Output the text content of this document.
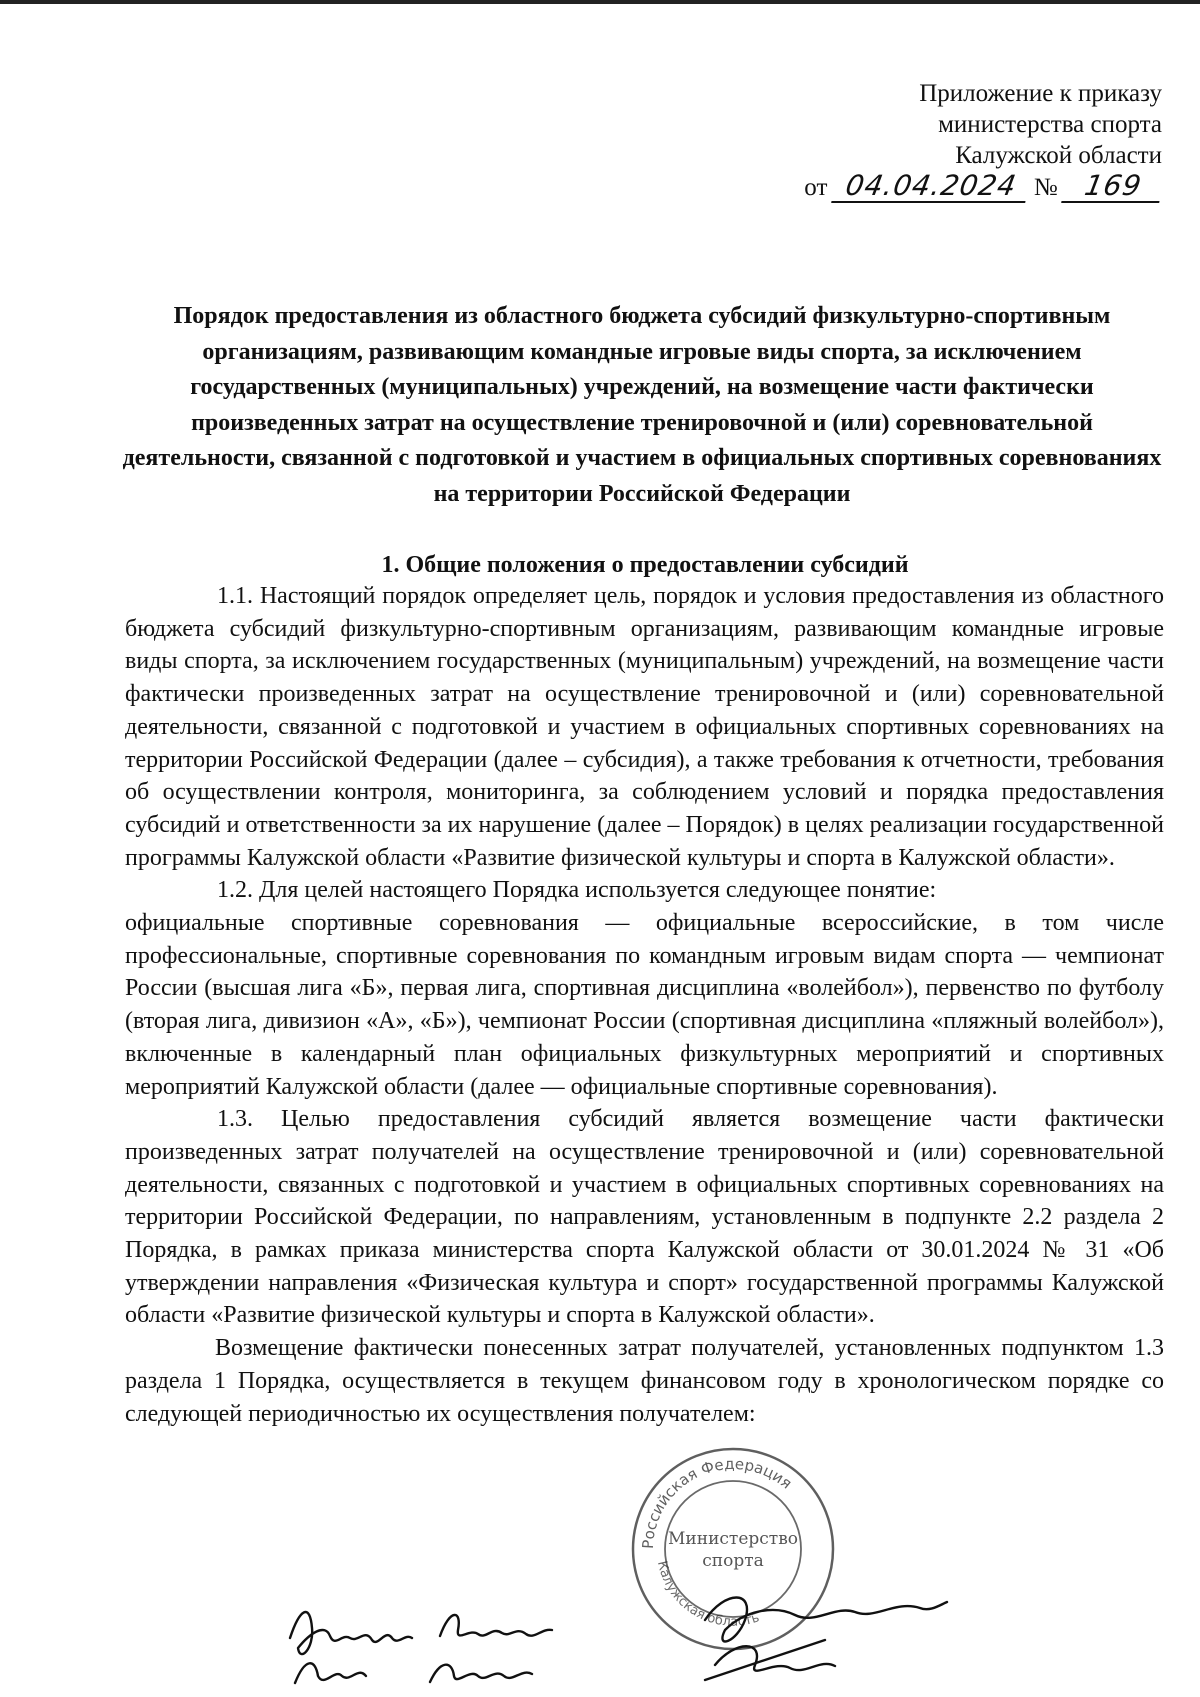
Приложение к приказу
министерства спорта
Калужской области
от 04.04.2024 № 169
Порядок предоставления из областного бюджета субсидий физкультурно-спортивным организациям, развивающим командные игровые виды спорта, за исключением государственных (муниципальных) учреждений, на возмещение части фактически произведенных затрат на осуществление тренировочной и (или) соревновательной деятельности, связанной с подготовкой и участием в официальных спортивных соревнованиях на территории Российской Федерации
1. Общие положения о предоставлении субсидий

1.1. Настоящий порядок определяет цель, порядок и условия предоставления из областного бюджета субсидий физкультурно-спортивным организациям, развивающим командные игровые виды спорта, за исключением государственных (муниципальным) учреждений, на возмещение части фактически произведенных затрат на осуществление тренировочной и (или) соревновательной деятельности, связанной с подготовкой и участием в официальных спортивных соревнованиях на территории Российской Федерации (далее – субсидия), а также требования к отчетности, требования об осуществлении контроля, мониторинга, за соблюдением условий и порядка предоставления субсидий и ответственности за их нарушение (далее – Порядок) в целях реализации государственной программы Калужской области «Развитие физической культуры и спорта в Калужской области».

1.2. Для целей настоящего Порядка используется следующее понятие:

официальные спортивные соревнования — официальные всероссийские, в том числе профессиональные, спортивные соревнования по командным игровым видам спорта — чемпионат России (высшая лига «Б», первая лига, спортивная дисциплина «волейбол»), первенство по футболу (вторая лига, дивизион «А», «Б»), чемпионат России (спортивная дисциплина «пляжный волейбол»), включенные в календарный план официальных физкультурных мероприятий и спортивных мероприятий Калужской области (далее — официальные спортивные соревнования).

1.3. Целью предоставления субсидий является возмещение части фактически произведенных затрат получателей на осуществление тренировочной и (или) соревновательной деятельности, связанных с подготовкой и участием в официальных спортивных соревнованиях на территории Российской Федерации, по направлениям, установленным в подпункте 2.2 раздела 2 Порядка, в рамках приказа министерства спорта Калужской области от 30.01.2024 № 31 «Об утверждении направления «Физическая культура и спорт» государственной программы Калужской области «Развитие физической культуры и спорта в Калужской области».

Возмещение фактически понесенных затрат получателей, установленных подпунктом 1.3 раздела 1 Порядка, осуществляется в текущем финансовом году в хронологическом порядке со следующей периодичностью их осуществления получателем:

Российская Федерация
Министерство
спорта
Калужская область
